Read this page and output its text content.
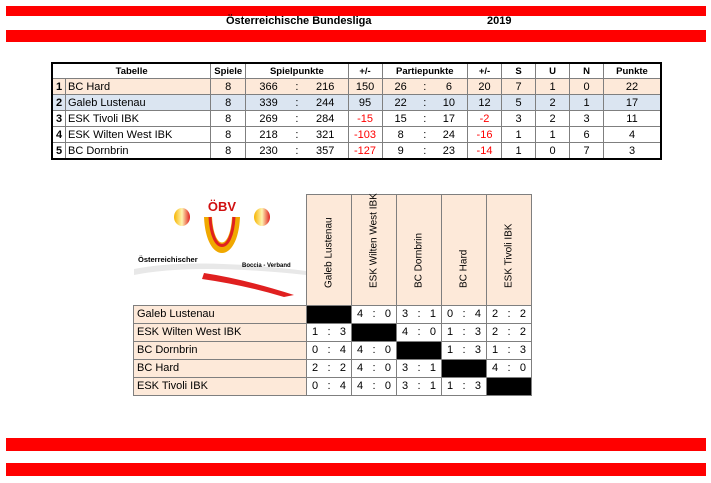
Österreichische Bundesliga	2019
Tabelle		Spiele	Spielpunkte			+/-	Partiepunkte			+/-	S	U	N	Punkte
1	BC Hard	8	366	:	216	150	26	:	6	20	7	1	0	22
2	Galeb Lustenau	8	339	:	244	95	22	:	10	12	5	2	1	17
3	ESK Tivoli IBK	8	269	:	284	-15	15	:	17	-2	3	2	3	11
4	ESK Wilten West IBK	8	218	:	321	-103	8	:	24	-16	1	1	6	4
5	BC Dornbrin	8	230	:	357	-127	9	:	23	-14	1	0	7	3
ÖBV
Österreichischer
Boccia - Verband	Galeb Lustenau	ESK Wilten West IBK	BC Dornbrin	BC Hard	ESK Tivoli IBK

Galeb Lustenau		4 : 0	3 : 1	0 : 4	2 : 2

ESK Wilten West IBK	1 : 3		4 : 0	1 : 3	2 : 2

BC Dornbrin	0 : 4	4 : 0		1 : 3	1 : 3

BC Hard	2 : 2	4 : 0	3 : 1		4 : 0

ESK Tivoli IBK	0 : 4	4 : 0	3 : 1	1 : 3	
